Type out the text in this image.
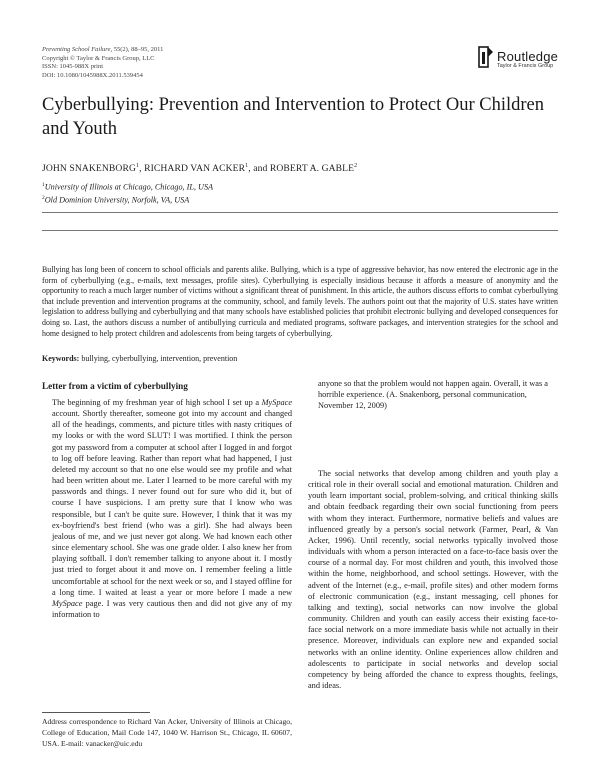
Preventing School Failure, 55(2), 88–95, 2011
Copyright © Taylor & Francis Group, LLC
ISSN: 1045-988X print
DOI: 10.1080/1045988X.2011.539454
Routledge
Taylor & Francis Group
Cyberbullying: Prevention and Intervention to Protect Our Children and Youth
JOHN SNAKENBORG$^1$, RICHARD VAN ACKER$^1$, and ROBERT A. GABLE$^2$
$^1$University of Illinois at Chicago, Chicago, IL, USA
$^2$Old Dominion University, Norfolk, VA, USA
Bullying has long been of concern to school officials and parents alike. Bullying, which is a type of aggressive behavior, has now entered the electronic age in the form of cyberbullying (e.g., e-mails, text messages, profile sites). Cyberbullying is especially insidious because it affords a measure of anonymity and the opportunity to reach a much larger number of victims without a significant threat of punishment. In this article, the authors discuss efforts to combat cyberbullying that include prevention and intervention programs at the community, school, and family levels. The authors point out that the majority of U.S. states have written legislation to address bullying and cyberbullying and that many schools have established policies that prohibit electronic bullying and developed consequences for doing so. Last, the authors discuss a number of antibullying curricula and mediated programs, software packages, and intervention strategies for the school and home designed to help protect children and adolescents from being targets of cyberbullying.
Keywords: bullying, cyberbullying, intervention, prevention
Letter from a victim of cyberbullying
The beginning of my freshman year of high school I set up a MySpace account. Shortly thereafter, someone got into my account and changed all of the headings, comments, and picture titles with nasty critiques of my looks or with the word SLUT! I was mortified. I think the person got my password from a computer at school after I logged in and forgot to log off before leaving. Rather than report what had happened, I just deleted my account so that no one else would see my profile and what had been written about me. Later I learned to be more careful with my passwords and things. I never found out for sure who did it, but of course I have suspicions. I am pretty sure that I know who was responsible, but I can't be quite sure. However, I think that it was my ex-boyfriend's best friend (who was a girl). She had always been jealous of me, and we just never got along. We had known each other since elementary school. She was one grade older. I also knew her from playing softball. I don't remember talking to anyone about it. I mostly just tried to forget about it and move on. I remember feeling a little uncomfortable at school for the next week or so, and I stayed offline for a long time. I waited at least a year or more before I made a new MySpace page. I was very cautious then and did not give any of my information to
anyone so that the problem would not happen again. Overall, it was a horrible experience. (A. Snakenborg, personal communication, November 12, 2009)

The social networks that develop among children and youth play a critical role in their overall social and emotional maturation. Children and youth learn important social, problem-solving, and critical thinking skills and obtain feedback regarding their own social functioning from peers with whom they interact. Furthermore, normative beliefs and values are influenced greatly by a person's social network (Farmer, Pearl, & Van Acker, 1996). Until recently, social networks typically involved those individuals with whom a person interacted on a face-to-face basis over the course of a normal day. For most children and youth, this involved those within the home, neighborhood, and school settings. However, with the advent of the Internet (e.g., e-mail, profile sites) and other modern forms of electronic communication (e.g., instant messaging, cell phones for talking and texting), social networks can now involve the global community. Children and youth can easily access their existing face-to-face social network on a more immediate basis while not actually in their presence. Moreover, individuals can explore new and expanded social networks with an online identity. Online experiences allow children and adolescents to participate in social networks and develop social competency by being afforded the chance to express thoughts, feelings, and ideas.

Address correspondence to Richard Van Acker, University of Illinois at Chicago, College of Education, Mail Code 147, 1040 W. Harrison St., Chicago, IL 60607, USA. E-mail: vanacker@uic.edu
